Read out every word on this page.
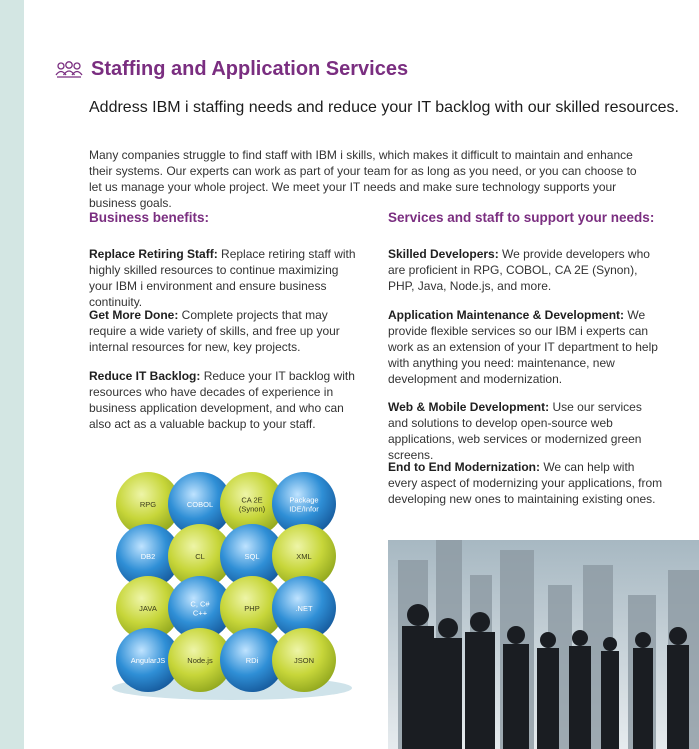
Staffing and Application Services
Address IBM i staffing needs and reduce your IT backlog with our skilled resources.
Many companies struggle to find staff with IBM i skills, which makes it difficult to maintain and enhance their systems. Our experts can work as part of your team for as long as you need, or you can choose to let us manage your whole project. We meet your IT needs and make sure technology supports your business goals.
Business benefits:	Services and staff to support your needs:
Replace Retiring Staff: Replace retiring staff with highly skilled resources to continue maximizing your IBM i environment and ensure business continuity.
Get More Done: Complete projects that may require a wide variety of skills, and free up your internal resources for new, key projects.
Reduce IT Backlog: Reduce your IT backlog with resources who have decades of experience in business application development, and who can also act as a valuable backup to your staff.
Skilled Developers: We provide developers who are proficient in RPG, COBOL, CA 2E (Synon), PHP, Java, Node.js, and more.
Application Maintenance & Development: We provide flexible services so our IBM i experts can work as an extension of your IT department to help with anything you need: maintenance, new development and modernization.
Web & Mobile Development: Use our services and solutions to develop open-source web applications, web services or modernized green screens.
End to End Modernization: We can help with every aspect of modernizing your applications, from developing new ones to maintaining existing ones.
RPG	COBOL	CA 2E (Synon)
Package IDE/Infor
DB2	CL	SQL	XML
JAVA	C, C# C++	PHP	.NET
AngularJS	Node.js	RDi	JSON
